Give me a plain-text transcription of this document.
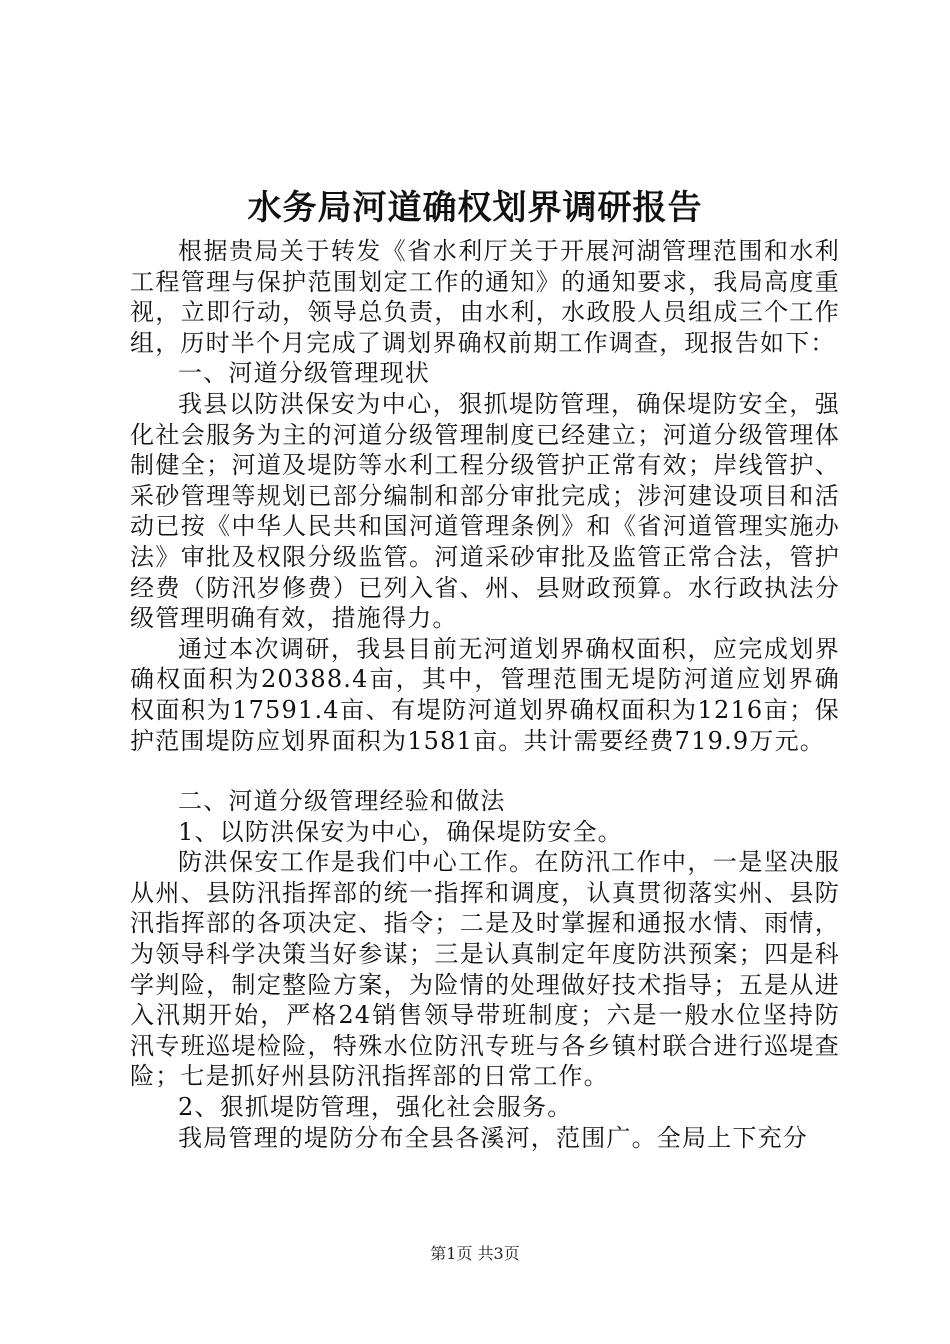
水务局河道确权划界调研报告

根据贵局关于转发《省水利厅关于开展河湖管理范围和水利工程管理与保护范围划定工作的通知》的通知要求，我局高度重视，立即行动，领导总负责，由水利，水政股人员组成三个工作组，历时半个月完成了调划界确权前期工作调查，现报告如下：

一、河道分级管理现状

我县以防洪保安为中心，狠抓堤防管理，确保堤防安全，强化社会服务为主的河道分级管理制度已经建立；河道分级管理体制健全；河道及堤防等水利工程分级管护正常有效；岸线管护、采砂管理等规划已部分编制和部分审批完成；涉河建设项目和活动已按《中华人民共和国河道管理条例》和《省河道管理实施办法》审批及权限分级监管。河道采砂审批及监管正常合法，管护经费（防汛岁修费）已列入省、州、县财政预算。水行政执法分级管理明确有效，措施得力。

通过本次调研，我县目前无河道划界确权面积，应完成划界确权面积为20388.4亩，其中，管理范围无堤防河道应划界确权面积为17591.4亩、有堤防河道划界确权面积为1216亩；保护范围堤防应划界面积为1581亩。共计需要经费719.9万元。

二、河道分级管理经验和做法

1、以防洪保安为中心，确保堤防安全。

防洪保安工作是我们中心工作。在防汛工作中，一是坚决服从州、县防汛指挥部的统一指挥和调度，认真贯彻落实州、县防汛指挥部的各项决定、指令；二是及时掌握和通报水情、雨情，为领导科学决策当好参谋；三是认真制定年度防洪预案；四是科学判险，制定整险方案，为险情的处理做好技术指导；五是从进入汛期开始，严格24销售领导带班制度；六是一般水位坚持防汛专班巡堤检险，特殊水位防汛专班与各乡镇村联合进行巡堤查险；七是抓好州县防汛指挥部的日常工作。

2、狠抓堤防管理，强化社会服务。

我局管理的堤防分布全县各溪河，范围广。全局上下充分

第1页 共3页
